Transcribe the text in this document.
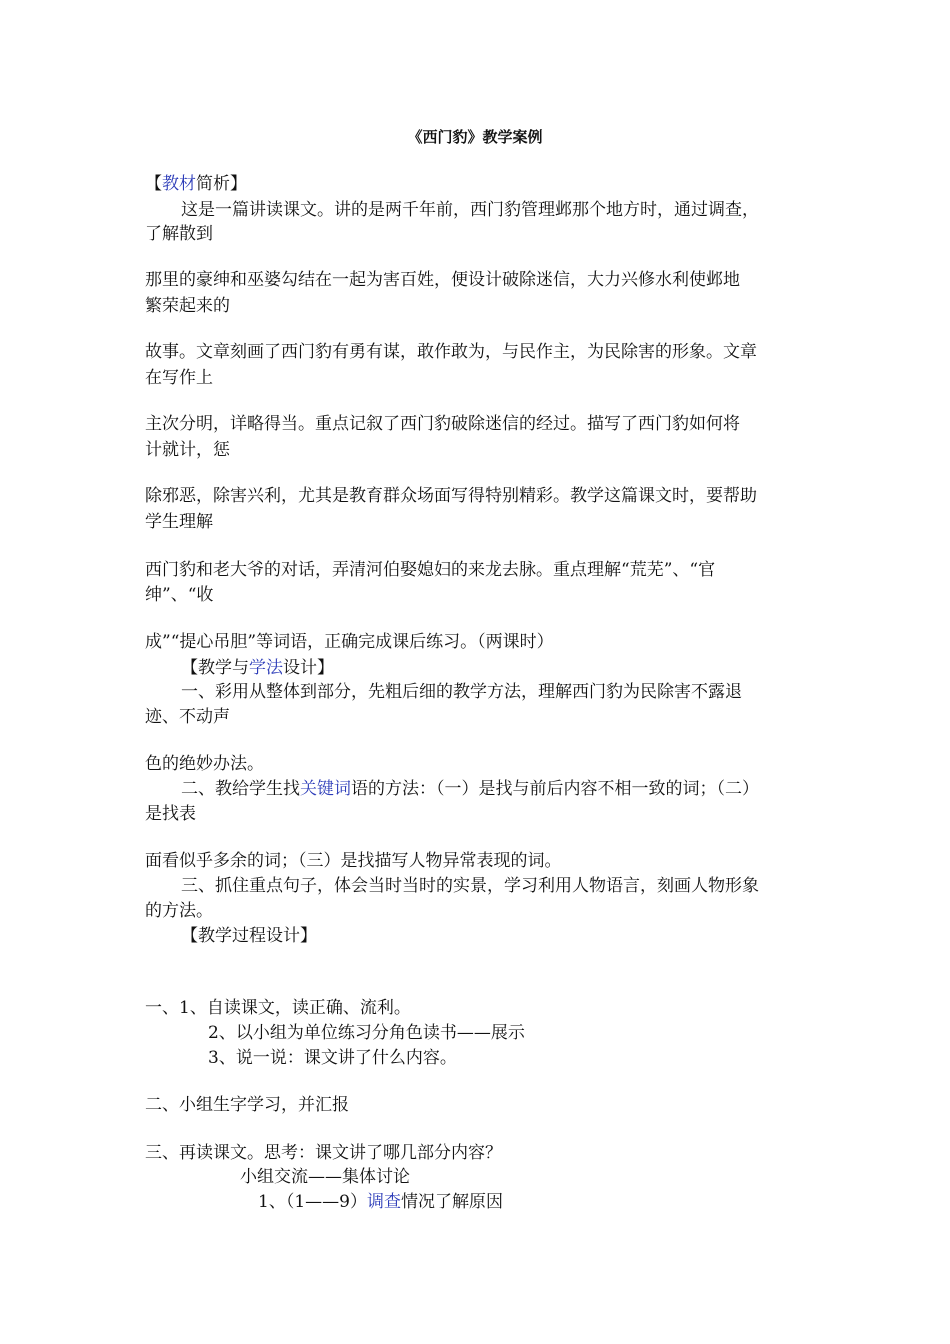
《西门豹》教学案例
【教材简析】
这是一篇讲读课文。讲的是两千年前，西门豹管理邺那个地方时，通过调查，
了解散到
那里的豪绅和巫婆勾结在一起为害百姓，便设计破除迷信，大力兴修水利使邺地
繁荣起来的
故事。文章刻画了西门豹有勇有谋，敢作敢为，与民作主，为民除害的形象。文章
在写作上
主次分明，详略得当。重点记叙了西门豹破除迷信的经过。描写了西门豹如何将
计就计，惩
除邪恶，除害兴利，尤其是教育群众场面写得特别精彩。教学这篇课文时，要帮助
学生理解
西门豹和老大爷的对话，弄清河伯娶媳妇的来龙去脉。重点理解“荒芜”、“官
绅”、“收
成”“提心吊胆”等词语，正确完成课后练习。（两课时）
【教学与学法设计】
一、彩用从整体到部分，先粗后细的教学方法，理解西门豹为民除害不露退
迹、不动声
色的绝妙办法。
二、教给学生找关键词语的方法：（一）是找与前后内容不相一致的词；（二）
是找表
面看似乎多余的词；（三）是找描写人物异常表现的词。
三、抓住重点句子，体会当时当时的实景，学习利用人物语言，刻画人物形象
的方法。
【教学过程设计】
一、1、自读课文，读正确、流利。
2、以小组为单位练习分角色读书——展示
3、说一说：课文讲了什么内容。
二、小组生字学习，并汇报
三、再读课文。思考：课文讲了哪几部分内容？
小组交流——集体讨论
1、（1——9）调查情况了解原因
